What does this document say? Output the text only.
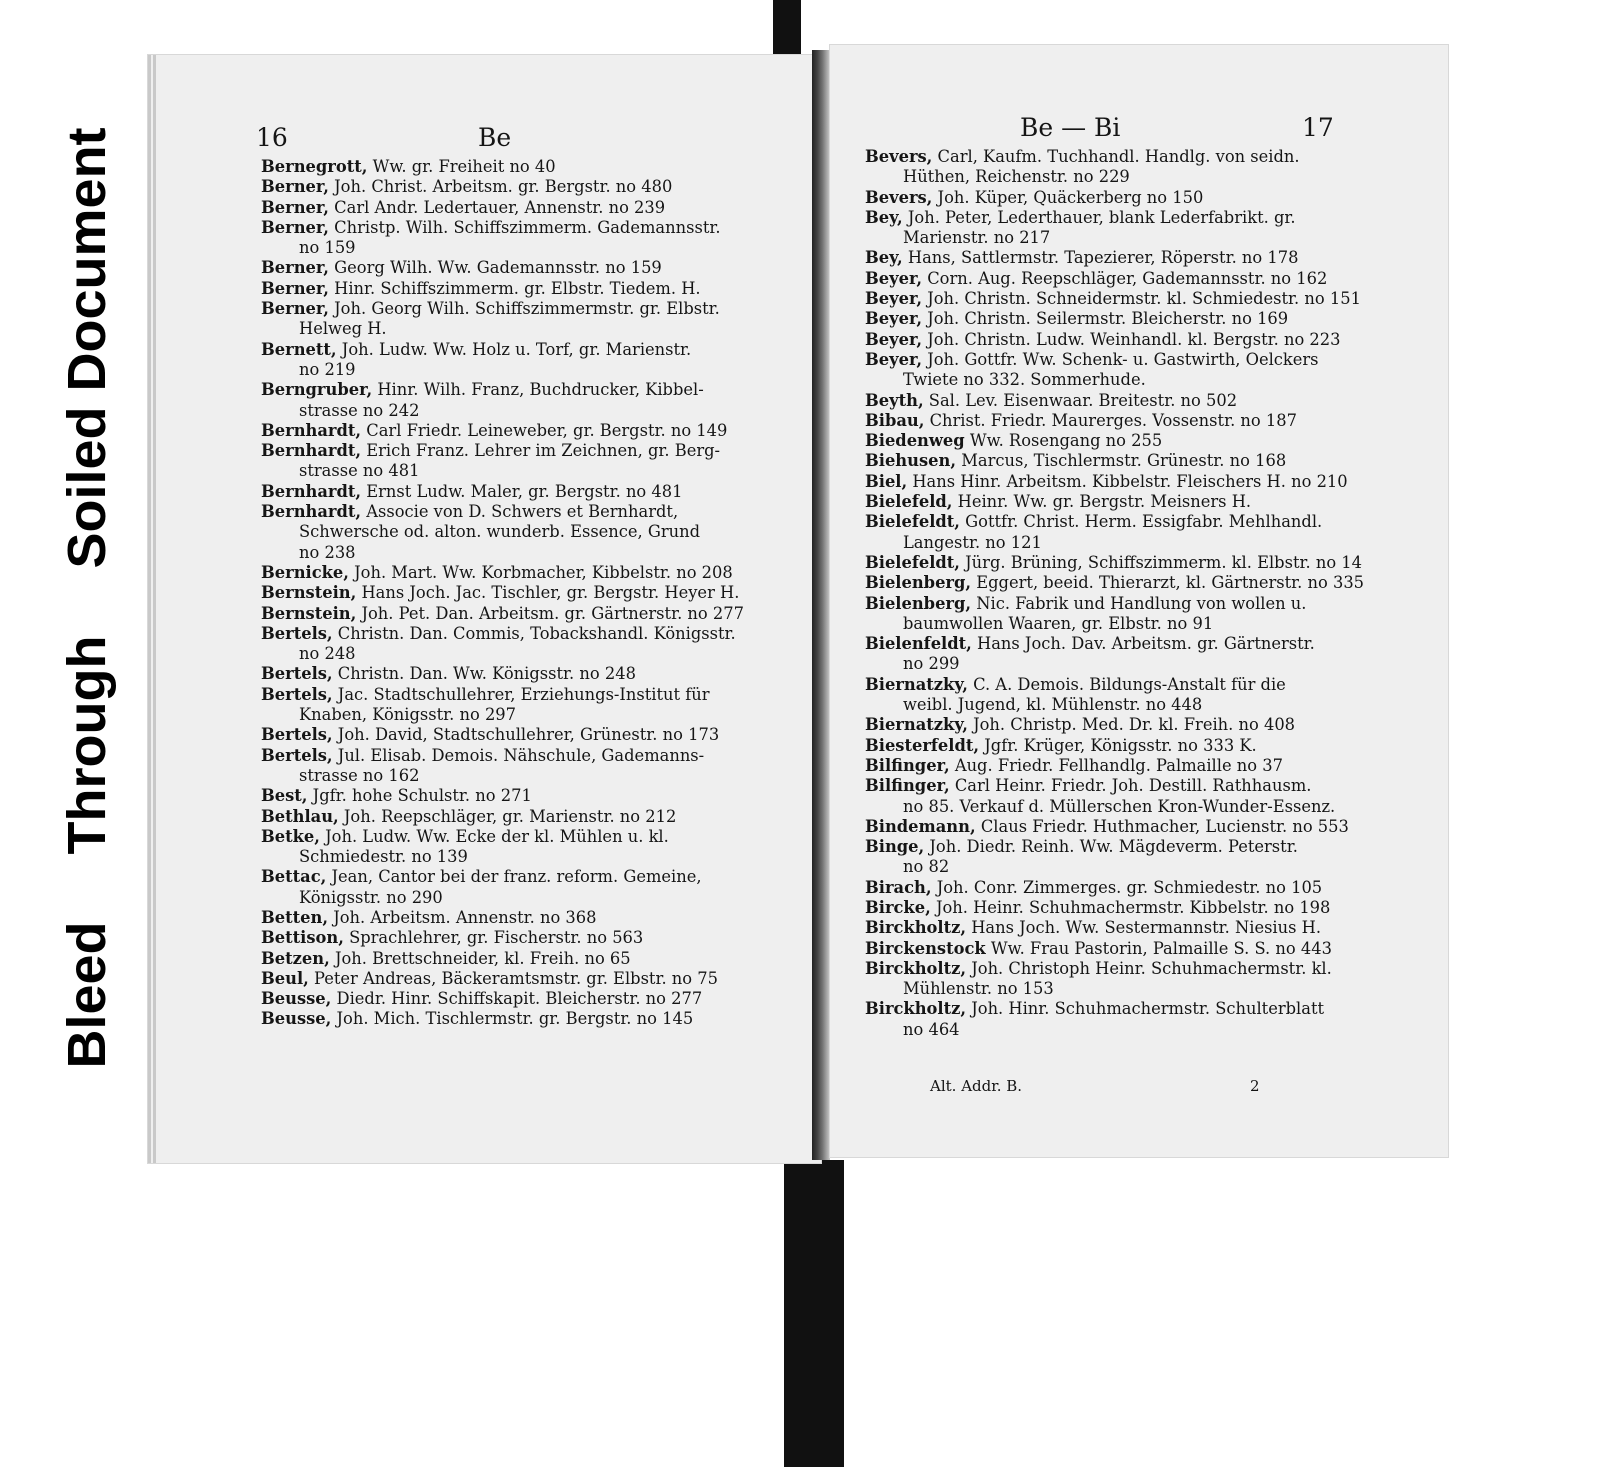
Bleed Through Soiled Document	16	Be
Bernegrott, Ww. gr. Freiheit no 40
Berner, Joh. Christ. Arbeitsm. gr. Bergstr. no 480
Berner, Carl Andr. Ledertauer, Annenstr. no 239
Berner, Christp. Wilh. Schiffszimmerm. Gademannsstr.
no 159
Berner, Georg Wilh. Ww. Gademannsstr. no 159
Berner, Hinr. Schiffszimmerm. gr. Elbstr. Tiedem. H.
Berner, Joh. Georg Wilh. Schiffszimmermstr. gr. Elbstr.
Helweg H.
Bernett, Joh. Ludw. Ww. Holz u. Torf, gr. Marienstr.
no 219
Berngruber, Hinr. Wilh. Franz, Buchdrucker, Kibbel-
strasse no 242
Bernhardt, Carl Friedr. Leineweber, gr. Bergstr. no 149
Bernhardt, Erich Franz. Lehrer im Zeichnen, gr. Berg-
strasse no 481
Bernhardt, Ernst Ludw. Maler, gr. Bergstr. no 481
Bernhardt, Associe von D. Schwers et Bernhardt,
Schwersche od. alton. wunderb. Essence, Grund
no 238
Bernicke, Joh. Mart. Ww. Korbmacher, Kibbelstr. no 208
Bernstein, Hans Joch. Jac. Tischler, gr. Bergstr. Heyer H.
Bernstein, Joh. Pet. Dan. Arbeitsm. gr. Gärtnerstr. no 277
Bertels, Christn. Dan. Commis, Tobackshandl. Königsstr.
no 248
Bertels, Christn. Dan. Ww. Königsstr. no 248
Bertels, Jac. Stadtschullehrer, Erziehungs-Institut für
Knaben, Königsstr. no 297
Bertels, Joh. David, Stadtschullehrer, Grünestr. no 173
Bertels, Jul. Elisab. Demois. Nähschule, Gademanns-
strasse no 162
Best, Jgfr. hohe Schulstr. no 271
Bethlau, Joh. Reepschläger, gr. Marienstr. no 212
Betke, Joh. Ludw. Ww. Ecke der kl. Mühlen u. kl.
Schmiedestr. no 139
Bettac, Jean, Cantor bei der franz. reform. Gemeine,
Königsstr. no 290
Betten, Joh. Arbeitsm. Annenstr. no 368
Bettison, Sprachlehrer, gr. Fischerstr. no 563
Betzen, Joh. Brettschneider, kl. Freih. no 65
Beul, Peter Andreas, Bäckeramtsmstr. gr. Elbstr. no 75
Beusse, Diedr. Hinr. Schiffskapit. Bleicherstr. no 277
Beusse, Joh. Mich. Tischlermstr. gr. Bergstr. no 145
Be — Bi	17
Bevers, Carl, Kaufm. Tuchhandl. Handlg. von seidn.
Hüthen, Reichenstr. no 229
Bevers, Joh. Küper, Quäckerberg no 150
Bey, Joh. Peter, Lederthauer, blank Lederfabrikt. gr.
Marienstr. no 217
Bey, Hans, Sattlermstr. Tapezierer, Röperstr. no 178
Beyer, Corn. Aug. Reepschläger, Gademannsstr. no 162
Beyer, Joh. Christn. Schneidermstr. kl. Schmiedestr. no 151
Beyer, Joh. Christn. Seilermstr. Bleicherstr. no 169
Beyer, Joh. Christn. Ludw. Weinhandl. kl. Bergstr. no 223
Beyer, Joh. Gottfr. Ww. Schenk- u. Gastwirth, Oelckers
Twiete no 332. Sommerhude.
Beyth, Sal. Lev. Eisenwaar. Breitestr. no 502
Bibau, Christ. Friedr. Maurerges. Vossenstr. no 187
Biedenweg Ww. Rosengang no 255
Biehusen, Marcus, Tischlermstr. Grünestr. no 168
Biel, Hans Hinr. Arbeitsm. Kibbelstr. Fleischers H. no 210
Bielefeld, Heinr. Ww. gr. Bergstr. Meisners H.
Bielefeldt, Gottfr. Christ. Herm. Essigfabr. Mehlhandl.
Langestr. no 121
Bielefeldt, Jürg. Brüning, Schiffszimmerm. kl. Elbstr. no 14
Bielenberg, Eggert, beeid. Thierarzt, kl. Gärtnerstr. no 335
Bielenberg, Nic. Fabrik und Handlung von wollen u.
baumwollen Waaren, gr. Elbstr. no 91
Bielenfeldt, Hans Joch. Dav. Arbeitsm. gr. Gärtnerstr.
no 299
Biernatzky, C. A. Demois. Bildungs-Anstalt für die
weibl. Jugend, kl. Mühlenstr. no 448
Biernatzky, Joh. Christp. Med. Dr. kl. Freih. no 408
Biesterfeldt, Jgfr. Krüger, Königsstr. no 333 K.
Bilfinger, Aug. Friedr. Fellhandlg. Palmaille no 37
Bilfinger, Carl Heinr. Friedr. Joh. Destill. Rathhausm.
no 85. Verkauf d. Müllerschen Kron-Wunder-Essenz.
Bindemann, Claus Friedr. Huthmacher, Lucienstr. no 553
Binge, Joh. Diedr. Reinh. Ww. Mägdeverm. Peterstr.
no 82
Birach, Joh. Conr. Zimmerges. gr. Schmiedestr. no 105
Bircke, Joh. Heinr. Schuhmachermstr. Kibbelstr. no 198
Birckholtz, Hans Joch. Ww. Sestermannstr. Niesius H.
Birckenstock Ww. Frau Pastorin, Palmaille S. S. no 443
Birckholtz, Joh. Christoph Heinr. Schuhmachermstr. kl.
Mühlenstr. no 153
Birckholtz, Joh. Hinr. Schuhmachermstr. Schulterblatt
no 464
Alt. Addr. B.	2
